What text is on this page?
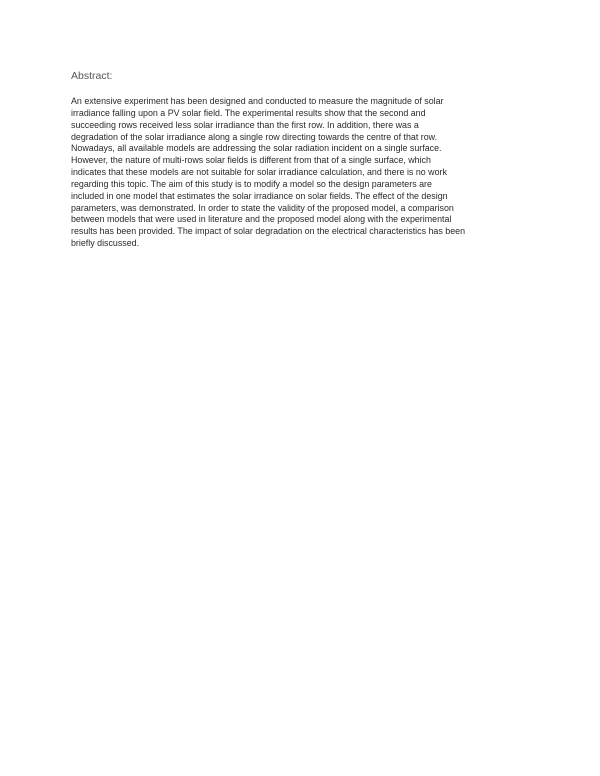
Abstract:
An extensive experiment has been designed and conducted to measure the magnitude of solar
irradiance falling upon a PV solar field. The experimental results show that the second and
succeeding rows received less solar irradiance than the first row. In addition, there was a
degradation of the solar irradiance along a single row directing towards the centre of that row.
Nowadays, all available models are addressing the solar radiation incident on a single surface.
However, the nature of multi-rows solar fields is different from that of a single surface, which
indicates that these models are not suitable for solar irradiance calculation, and there is no work
regarding this topic. The aim of this study is to modify a model so the design parameters are
included in one model that estimates the solar irradiance on solar fields. The effect of the design
parameters, was demonstrated. In order to state the validity of the proposed model, a comparison
between models that were used in literature and the proposed model along with the experimental
results has been provided. The impact of solar degradation on the electrical characteristics has been
briefly discussed.
